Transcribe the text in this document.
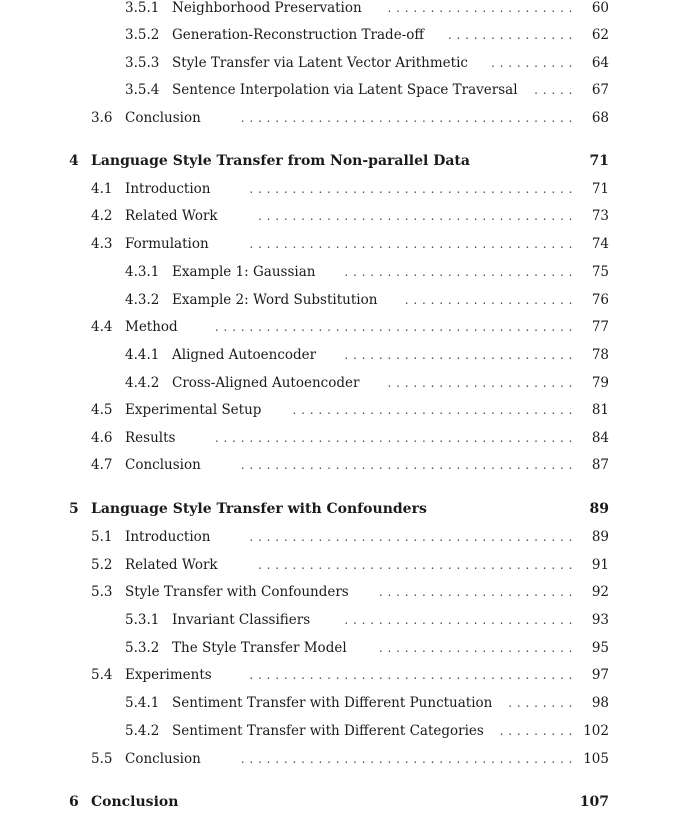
3.5.1 Neighborhood Preservation	60
. . . . . . . . . . . . . . . . . . . . . .
3.5.2 Generation-Reconstruction Trade-off	62
. . . . . . . . . . . . . . .
3.5.3 Style Transfer via Latent Vector Arithmetic	64
. . . . . . . . . .
3.5.4 Sentence Interpolation via Latent Space Traversal	67
. . . . .
3.6 Conclusion	68
. . . . . . . . . . . . . . . . . . . . . . . . . . . . . . . . . . . . . . .
4 Language Style Transfer from Non-parallel Data	71
4.1 Introduction	71
. . . . . . . . . . . . . . . . . . . . . . . . . . . . . . . . . . . . . .
4.2 Related Work	73
. . . . . . . . . . . . . . . . . . . . . . . . . . . . . . . . . . . . .
4.3 Formulation	74
. . . . . . . . . . . . . . . . . . . . . . . . . . . . . . . . . . . . . .
4.3.1 Example 1: Gaussian	75
. . . . . . . . . . . . . . . . . . . . . . . . . . .
4.3.2 Example 2: Word Substitution	76
. . . . . . . . . . . . . . . . . . . .
4.4 Method	77
. . . . . . . . . . . . . . . . . . . . . . . . . . . . . . . . . . . . . . . . . .
4.4.1 Aligned Autoencoder	78
. . . . . . . . . . . . . . . . . . . . . . . . . . .
4.4.2 Cross-Aligned Autoencoder	79
. . . . . . . . . . . . . . . . . . . . . .
4.5 Experimental Setup	81
. . . . . . . . . . . . . . . . . . . . . . . . . . . . . . . . .
4.6 Results	84
. . . . . . . . . . . . . . . . . . . . . . . . . . . . . . . . . . . . . . . . . .
4.7 Conclusion	87
. . . . . . . . . . . . . . . . . . . . . . . . . . . . . . . . . . . . . . .
5 Language Style Transfer with Confounders	89
5.1 Introduction	89
. . . . . . . . . . . . . . . . . . . . . . . . . . . . . . . . . . . . . .
5.2 Related Work	91
. . . . . . . . . . . . . . . . . . . . . . . . . . . . . . . . . . . . .
5.3 Style Transfer with Confounders	92
. . . . . . . . . . . . . . . . . . . . . . .
5.3.1 Invariant Classifiers	93
. . . . . . . . . . . . . . . . . . . . . . . . . . .
5.3.2 The Style Transfer Model	95
. . . . . . . . . . . . . . . . . . . . . . .
5.4 Experiments	97
. . . . . . . . . . . . . . . . . . . . . . . . . . . . . . . . . . . . . .
5.4.1 Sentiment Transfer with Different Punctuation	98
. . . . . . . .
5.4.2 Sentiment Transfer with Different Categories	102
. . . . . . . . .
5.5 Conclusion	105
. . . . . . . . . . . . . . . . . . . . . . . . . . . . . . . . . . . . . . .
6 Conclusion	107
